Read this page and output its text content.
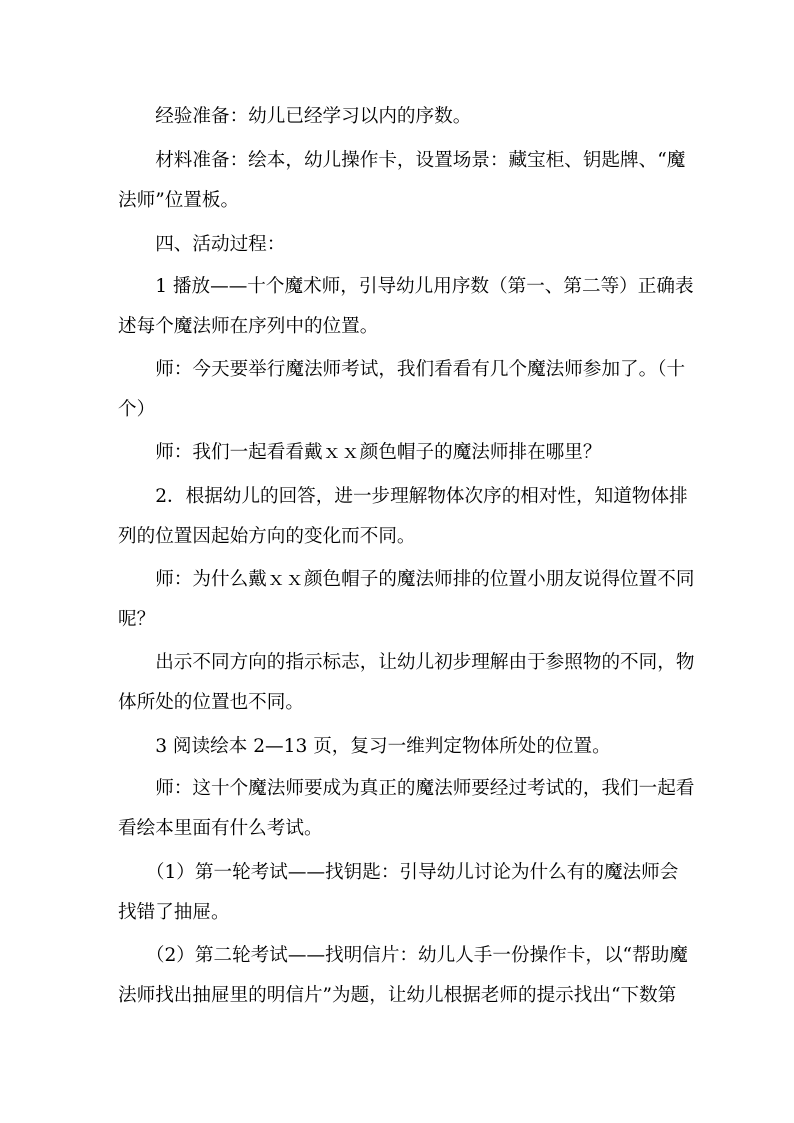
　　经验准备：幼儿已经学习以内的序数。

　　材料准备：绘本，幼儿操作卡，设置场景：藏宝柜、钥匙牌、“魔
法师”位置板。

　　四、活动过程：

　　1 播放——十个魔术师，引导幼儿用序数（第一、第二等）正确表
述每个魔法师在序列中的位置。

　　师：今天要举行魔法师考试，我们看看有几个魔法师参加了。（十
个）

　　师：我们一起看看戴ｘｘ颜色帽子的魔法师排在哪里？

　　2．根据幼儿的回答，进一步理解物体次序的相对性，知道物体排
列的位置因起始方向的变化而不同。

　　师：为什么戴ｘｘ颜色帽子的魔法师排的位置小朋友说得位置不同
呢？

　　出示不同方向的指示标志，让幼儿初步理解由于参照物的不同，物
体所处的位置也不同。

　　3 阅读绘本 2—13 页，复习一维判定物体所处的位置。

　　师：这十个魔法师要成为真正的魔法师要经过考试的，我们一起看
看绘本里面有什么考试。

　　（1）第一轮考试——找钥匙：引导幼儿讨论为什么有的魔法师会
找错了抽屉。

　　（2）第二轮考试——找明信片：幼儿人手一份操作卡，以“帮助魔
法师找出抽屉里的明信片”为题，让幼儿根据老师的提示找出“下数第
